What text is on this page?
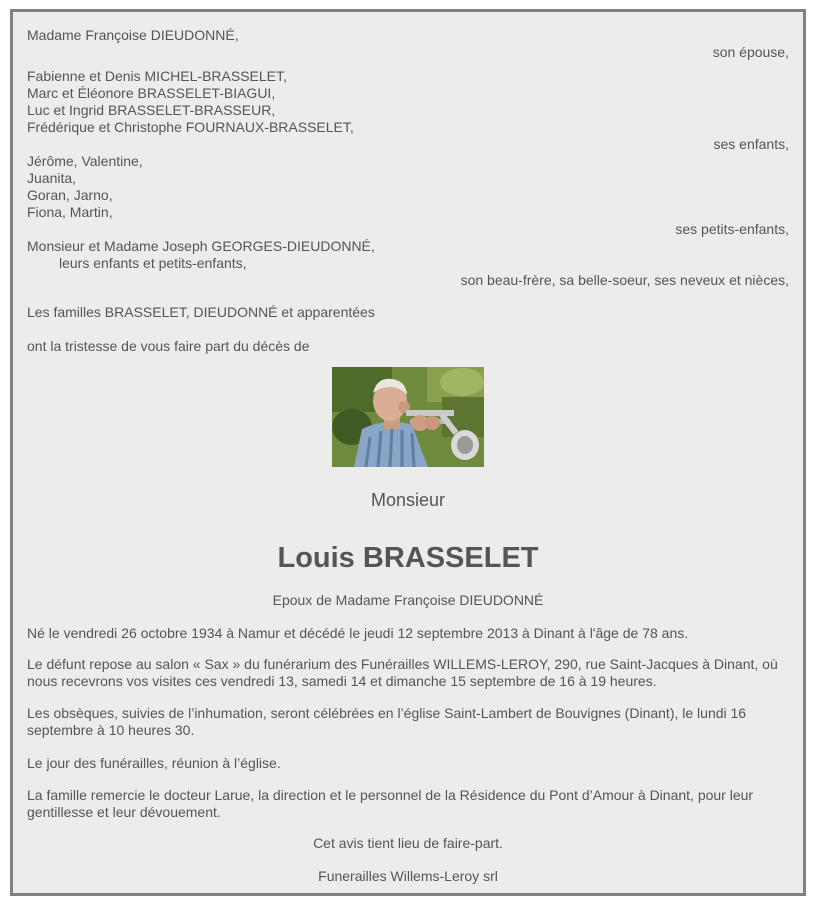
Madame Françoise DIEUDONNÉ,
son épouse,
Fabienne et Denis MICHEL-BRASSELET,
Marc et Éléonore BRASSELET-BIAGUI,
Luc et Ingrid BRASSELET-BRASSEUR,
Frédérique et Christophe FOURNAUX-BRASSELET,
ses enfants,
Jérôme, Valentine,
Juanita,
Goran, Jarno,
Fiona, Martin,
ses petits-enfants,
Monsieur et Madame Joseph GEORGES-DIEUDONNÉ,
leurs enfants et petits-enfants,
son beau-frère, sa belle-soeur, ses neveux et nièces,
Les familles BRASSELET, DIEUDONNÉ et apparentées
ont la tristesse de vous faire part du décès de
Monsieur
Louis BRASSELET
Epoux de Madame Françoise DIEUDONNÉ
Né le vendredi 26 octobre 1934 à Namur et décédé le jeudi 12 septembre 2013 à Dinant à l'âge de 78 ans.
Le défunt repose au salon « Sax » du funérarium des Funérailles WILLEMS-LEROY, 290, rue Saint-Jacques à Dinant, où nous recevrons vos visites ces vendredi 13, samedi 14 et dimanche 15 septembre de 16 à 19 heures.
Les obsèques, suivies de l’inhumation, seront célébrées en l’église Saint-Lambert de Bouvignes (Dinant), le lundi 16 septembre à 10 heures 30.
Le jour des funérailles, réunion à l’église.
La famille remercie le docteur Larue, la direction et le personnel de la Résidence du Pont d’Amour à Dinant, pour leur gentillesse et leur dévouement.
Cet avis tient lieu de faire-part.
Funerailles Willems-Leroy srl
